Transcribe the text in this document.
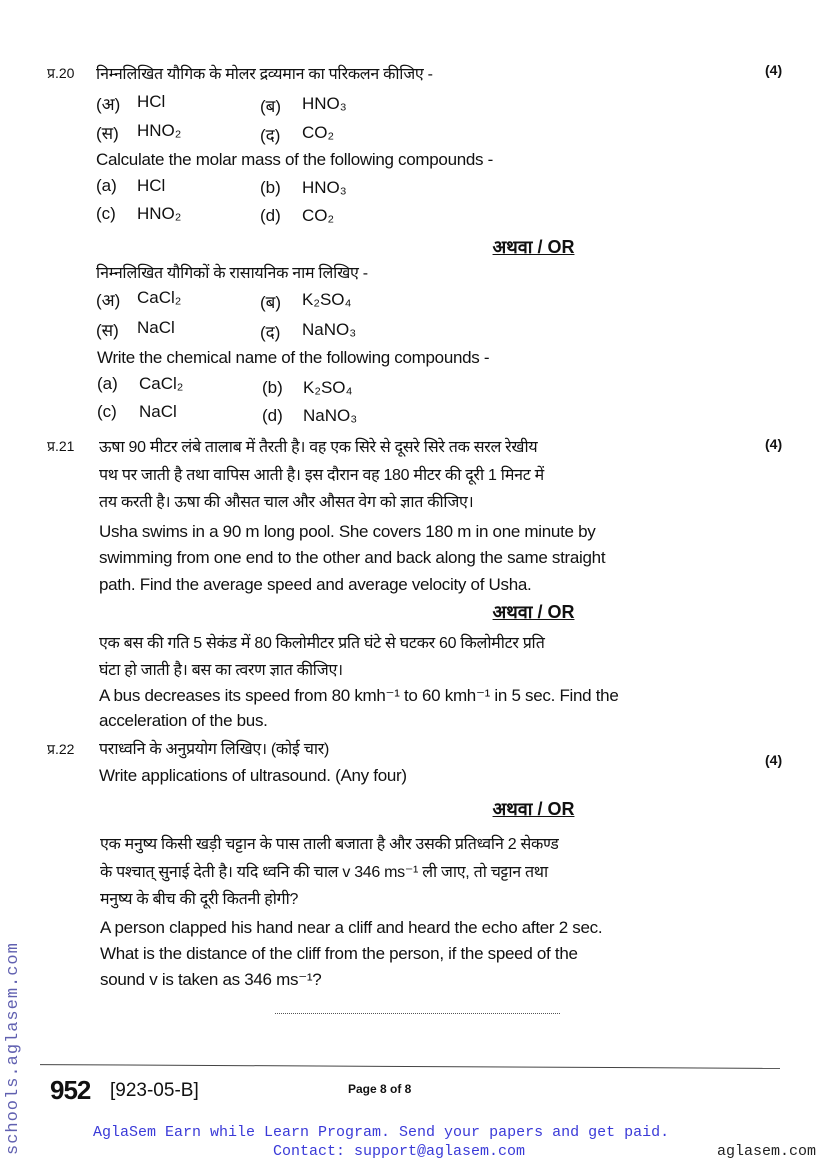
प्र.20	(4)
निम्नलिखित यौगिक के मोलर द्रव्यमान का परिकलन कीजिए -
(अ) HCl	(ब) HNO₃
(स) HNO₂	(द) CO₂
Calculate the molar mass of the following compounds -
(a) HCl	(b) HNO₃
(c) HNO₂	(d) CO₂
अथवा / OR
निम्नलिखित यौगिकों के रासायनिक नाम लिखिए -
(अ) CaCl₂	(ब) K₂SO₄
(स) NaCl	(द) NaNO₃
Write the chemical name of the following compounds -
(a) CaCl₂	(b) K₂SO₄
(c) NaCl	(d) NaNO₃
प्र.21	(4)
ऊषा 90 मीटर लंबे तालाब में तैरती है। वह एक सिरे से दूसरे सिरे तक सरल रेखीय
पथ पर जाती है तथा वापिस आती है। इस दौरान वह 180 मीटर की दूरी 1 मिनट में
तय करती है। ऊषा की औसत चाल और औसत वेग को ज्ञात कीजिए।
Usha swims in a 90 m long pool. She covers 180 m in one minute by
swimming from one end to the other and back along the same straight
path. Find the average speed and average velocity of Usha.
अथवा / OR
एक बस की गति 5 सेकंड में 80 किलोमीटर प्रति घंटे से घटकर 60 किलोमीटर प्रति
घंटा हो जाती है। बस का त्वरण ज्ञात कीजिए।
A bus decreases its speed from 80 kmh⁻¹ to 60 kmh⁻¹ in 5 sec. Find the
acceleration of the bus.
प्र.22
(4)
पराध्वनि के अनुप्रयोग लिखिए। (कोई चार)
Write applications of ultrasound. (Any four)
अथवा / OR
एक मनुष्य किसी खड़ी चट्टान के पास ताली बजाता है और उसकी प्रतिध्वनि 2 सेकण्ड
के पश्चात् सुनाई देती है। यदि ध्वनि की चाल v 346 ms⁻¹ ली जाए, तो चट्टान तथा
मनुष्य के बीच की दूरी कितनी होगी?
A person clapped his hand near a cliff and heard the echo after 2 sec.
What is the distance of the cliff from the person, if the speed of the
sound v is taken as 346 ms⁻¹?
952 [923-05-B]	Page 8 of 8
AglaSem Earn while Learn Program. Send your papers and get paid.
Contact: support@aglasem.com	aglasem.com
schools.aglasem.com
